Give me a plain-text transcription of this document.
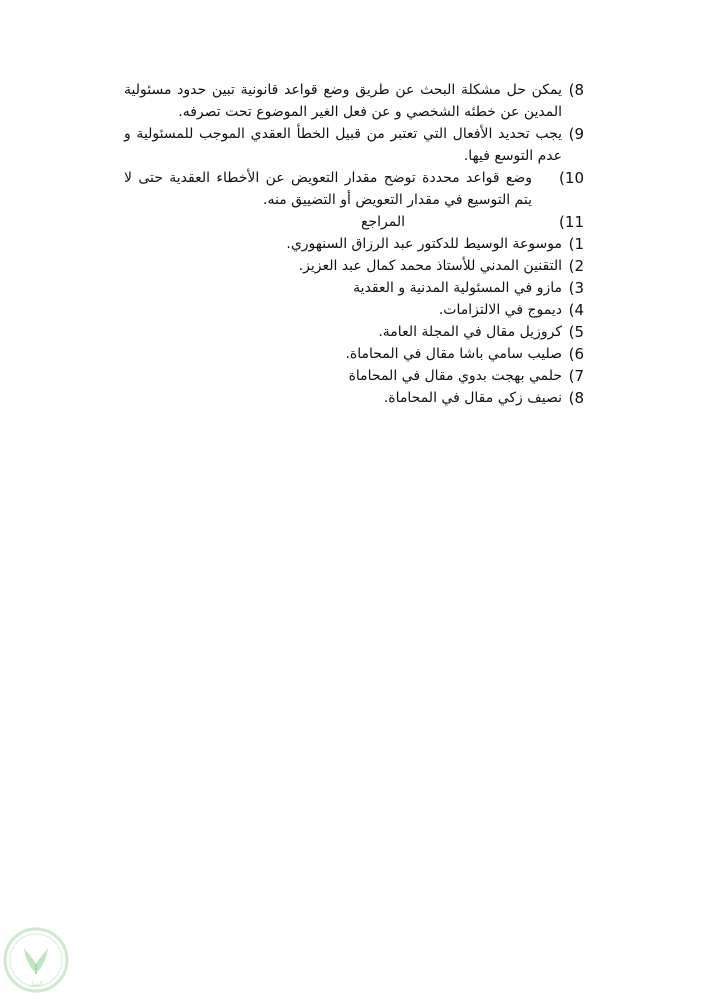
8)
يمكن حل مشكلة البحث عن طريق وضع قواعد قانونية تبين حدود مسئولية المدين عن خطئه الشخصي و عن فعل الغير الموضوع تحت تصرفه.
9)
يجب تحديد الأفعال التي تعتبر من قبيل الخطأ العقدي الموجب للمسئولية و عدم التوسع فيها.
10)
وضع قواعد محددة توضح مقدار التعويض عن الأخطاء العقدية حتى لا يتم التوسيع في مقدار التعويض أو التضييق منه.
11)
المراجع
1)
موسوعة الوسيط للدكتور عبد الرزاق السنهوري.
2)
التقنين المدني للأستاذ محمد كمال عبد العزيز.
3)
مازو في المسئولية المدنية و العقدية
4)
ديموج في الالتزامات.
5)
كروزيل مقال في المجلة العامة.
6)
صليب سامي باشا مقال في المحاماة.
7)
حلمي بهجت بدوي مقال في المحاماة
8)
نصيف زكي مقال في المحاماة.
كفيل
